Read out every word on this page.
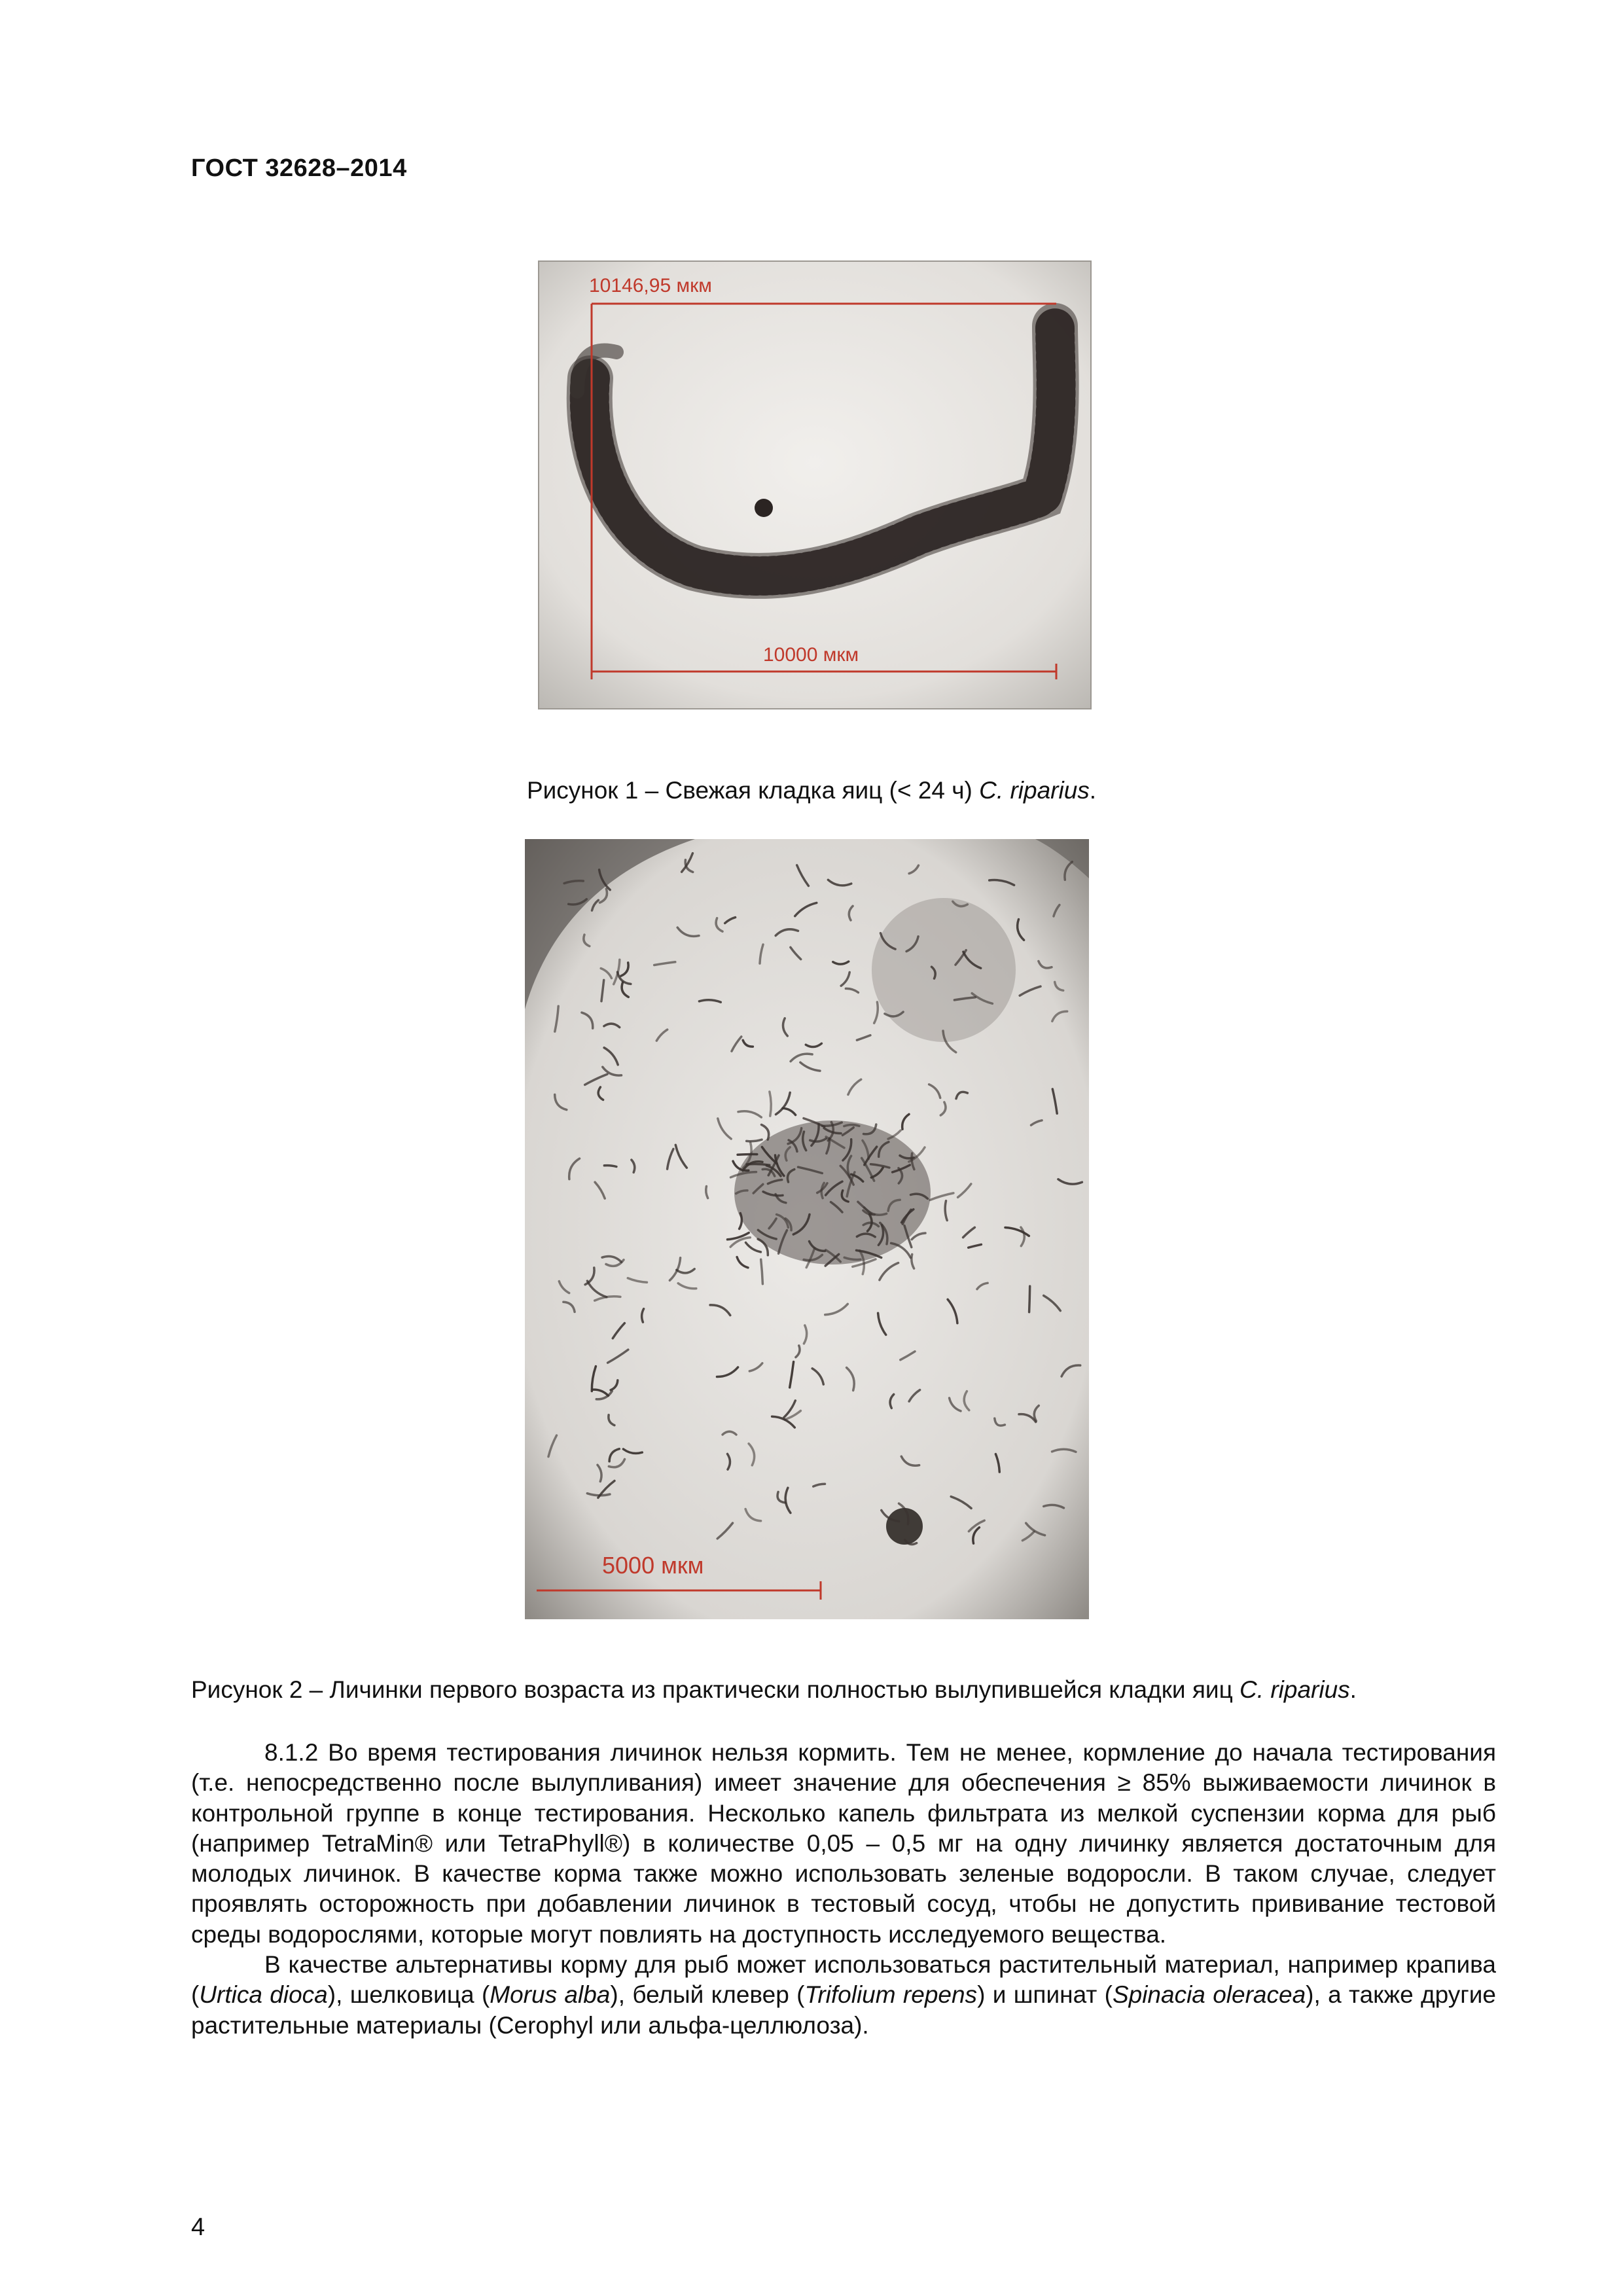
ГОСТ 32628–2014
10146,95 мкм
10000 мкм
Рисунок 1 – Свежая кладка яиц (< 24 ч) C. riparius.
5000 мкм
Рисунок 2 – Личинки первого возраста из практически полностью вылупившейся кладки яиц C. riparius.

8.1.2 Во время тестирования личинок нельзя кормить. Тем не менее, кормление до начала тестирования (т.е. непосредственно после вылупливания) имеет значение для обеспечения ≥ 85% выживаемости личинок в контрольной группе в конце тестирования. Несколько капель фильтрата из мелкой суспензии корма для рыб (например TetraMin® или TetraPhyll®) в количестве 0,05 – 0,5 мг на одну личинку является достаточным для молодых личинок. В качестве корма также можно использовать зеленые водоросли. В таком случае, следует проявлять осторожность при добавлении личинок в тестовый сосуд, чтобы не допустить прививание тестовой среды водорослями, которые могут повлиять на доступность исследуемого вещества.

В качестве альтернативы корму для рыб может использоваться растительный материал, например крапива (Urtica dioca), шелковица (Morus alba), белый клевер (Trifolium repens) и шпинат (Spinacia oleracea), а также другие растительные материалы (Cerophyl или альфа-целлюлоза).

4
